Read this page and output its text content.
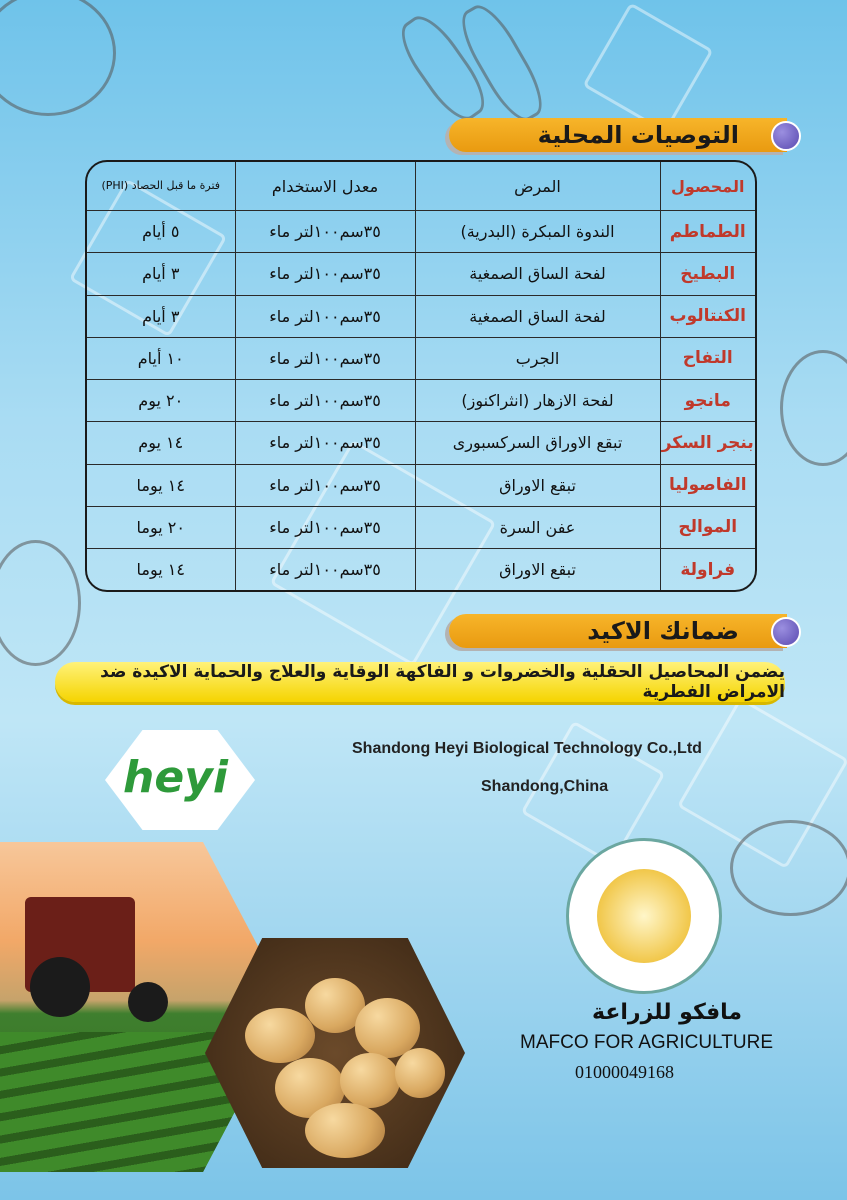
التوصيات المحلية
المحصول	المرض	معدل الاستخدام	فترة ما قبل الحصاد (PHI)
الطماطم	الندوة المبكرة (البدرية)	٣٥سم١٠٠لتر ماء	٥ أيام
البطيخ	لفحة الساق الصمغية	٣٥سم١٠٠لتر ماء	٣ أيام
الكنتالوب	لفحة الساق الصمغية	٣٥سم١٠٠لتر ماء	٣ أيام
التفاح	الجرب	٣٥سم١٠٠لتر ماء	١٠ أيام
مانجو	لفحة الازهار (انثراكنوز)	٣٥سم١٠٠لتر ماء	٢٠ يوم
بنجر السكر	تبقع الاوراق السركسبورى	٣٥سم١٠٠لتر ماء	١٤ يوم
الفاصوليا	تبقع الاوراق	٣٥سم١٠٠لتر ماء	١٤ يوما
الموالح	عفن السرة	٣٥سم١٠٠لتر ماء	٢٠ يوما
فراولة	تبقع الاوراق	٣٥سم١٠٠لتر ماء	١٤ يوما
ضمانك الاكيد
يضمن المحاصيل الحقلية والخضروات و الفاكهة الوقاية والعلاج والحماية الاكيدة ضد الامراض الفطرية
heyi
Shandong Heyi Biological Technology Co.,Ltd
Shandong,China
مافكو للزراعة
MAFCO FOR AGRICULTURE
01000049168
